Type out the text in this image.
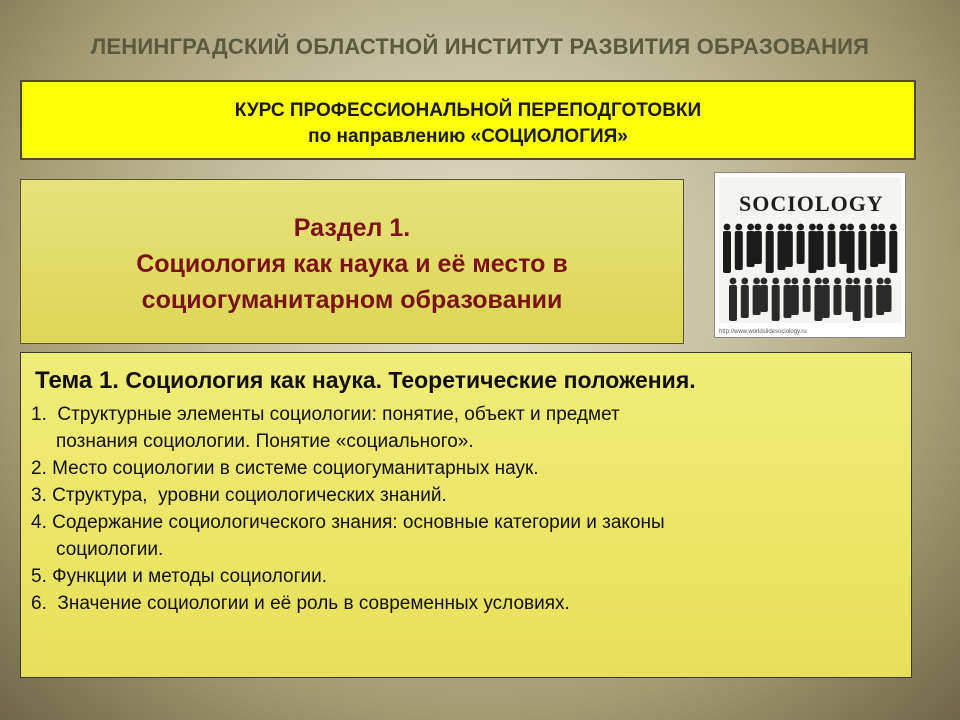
ЛЕНИНГРАДСКИЙ ОБЛАСТНОЙ ИНСТИТУТ РАЗВИТИЯ ОБРАЗОВАНИЯ
КУРС ПРОФЕССИОНАЛЬНОЙ ПЕРЕПОДГОТОВКИ
по направлению «СОЦИОЛОГИЯ»
Раздел 1.
Социология как наука и её место в
социогуманитарном образовании
SOCIOLOGY
http://www.worldslidesociology.ru
Тема 1. Социология как наука. Теоретические положения.
1.  Структурные элементы социологии: понятие, объект и предмет
познания социологии. Понятие «социального».
2. Место социологии в системе социогуманитарных наук.
3. Структура,  уровни социологических знаний.
4. Содержание социологического знания: основные категории и законы
социологии.
5. Функции и методы социологии.
6.  Значение социологии и её роль в современных условиях.
